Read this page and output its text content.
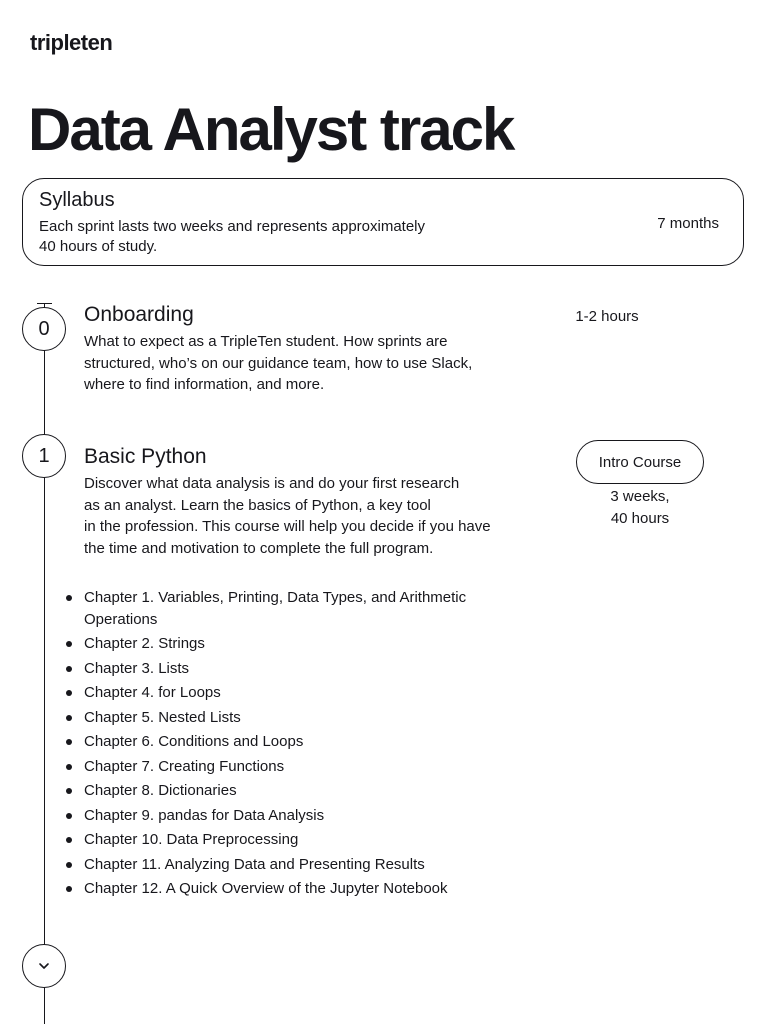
tripleten
Data Analyst track
Syllabus
Each sprint lasts two weeks and represents approximately
40 hours of study.
7 months
0
Onboarding
What to expect as a TripleTen student. How sprints are
structured, who’s on our guidance team, how to use Slack,
where to find information, and more.
1-2 hours
1	Basic Python
Discover what data analysis is and do your first research
as an analyst. Learn the basics of Python, a key tool
in the profession. This course will help you decide if you have
the time and motivation to complete the full program.
Intro Course
3 weeks,
40 hours
Chapter 1. Variables, Printing, Data Types, and Arithmetic Operations
Chapter 2. Strings
Chapter 3. Lists
Chapter 4. for Loops
Chapter 5. Nested Lists
Chapter 6. Conditions and Loops
Chapter 7. Creating Functions
Chapter 8. Dictionaries
Chapter 9. pandas for Data Analysis
Chapter 10. Data Preprocessing
Chapter 11. Analyzing Data and Presenting Results
Chapter 12. A Quick Overview of the Jupyter Notebook
